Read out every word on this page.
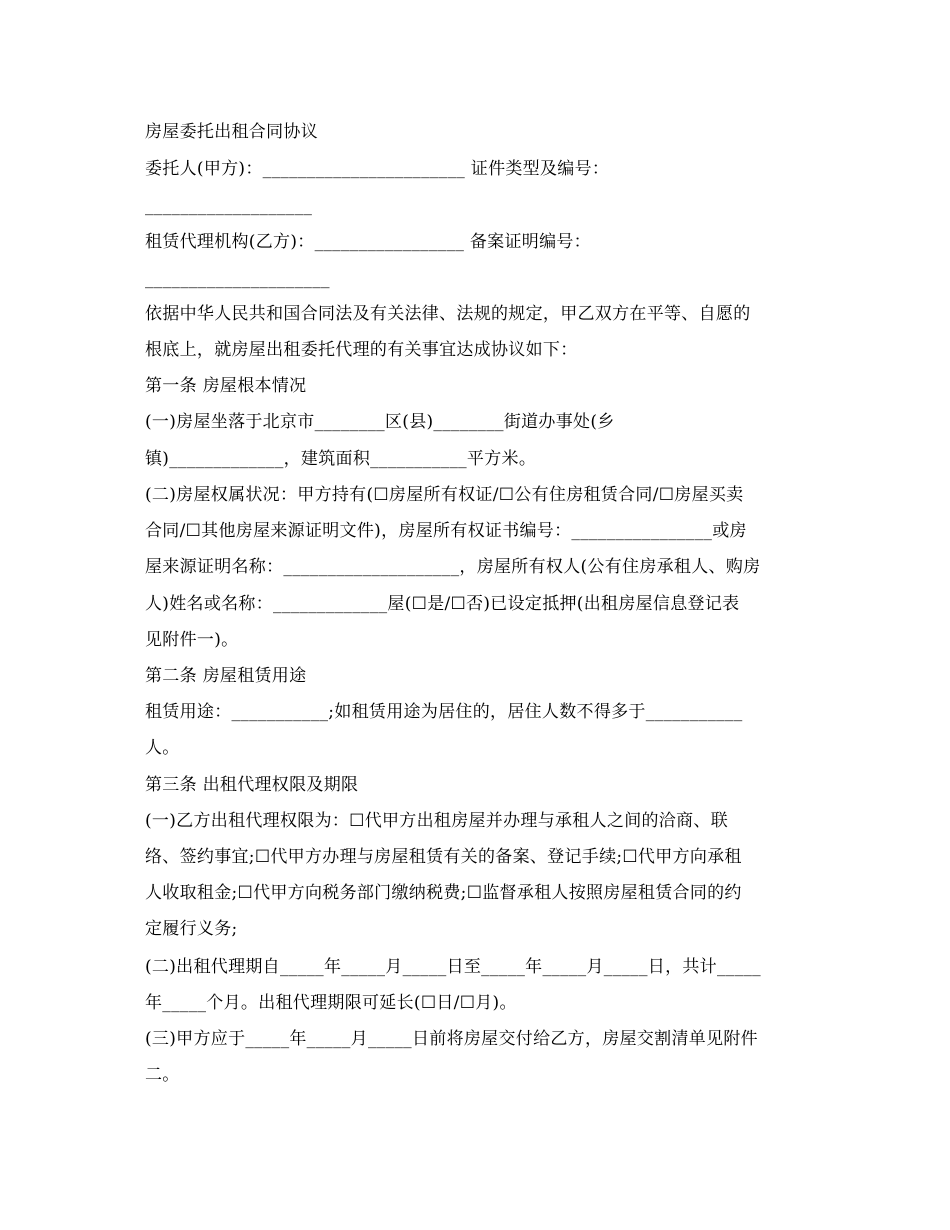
房屋委托出租合同协议

委托人(甲方)：_______________________ 证件类型及编号：

___________________

租赁代理机构(乙方)：_________________ 备案证明编号：

_____________________

依据中华人民共和国合同法及有关法律、法规的规定，甲乙双方在平等、自愿的

根底上，就房屋出租委托代理的有关事宜达成协议如下：

第一条 房屋根本情况

(一)房屋坐落于北京市________区(县)________街道办事处(乡

镇)_____________，建筑面积___________平方米。

(二)房屋权属状况：甲方持有(☐房屋所有权证/☐公有住房租赁合同/☐房屋买卖

合同/☐其他房屋来源证明文件)，房屋所有权证书编号：________________或房

屋来源证明名称：____________________，房屋所有权人(公有住房承租人、购房

人)姓名或名称：_____________屋(☐是/☐否)已设定抵押(出租房屋信息登记表

见附件一)。

第二条 房屋租赁用途

租赁用途：___________;如租赁用途为居住的，居住人数不得多于___________

人。

第三条 出租代理权限及期限

(一)乙方出租代理权限为：☐代甲方出租房屋并办理与承租人之间的洽商、联

络、签约事宜;☐代甲方办理与房屋租赁有关的备案、登记手续;☐代甲方向承租

人收取租金;☐代甲方向税务部门缴纳税费;☐监督承租人按照房屋租赁合同的约

定履行义务;

(二)出租代理期自_____年_____月_____日至_____年_____月_____日，共计_____

年_____个月。出租代理期限可延长(☐日/☐月)。

(三)甲方应于_____年_____月_____日前将房屋交付给乙方，房屋交割清单见附件

二。
